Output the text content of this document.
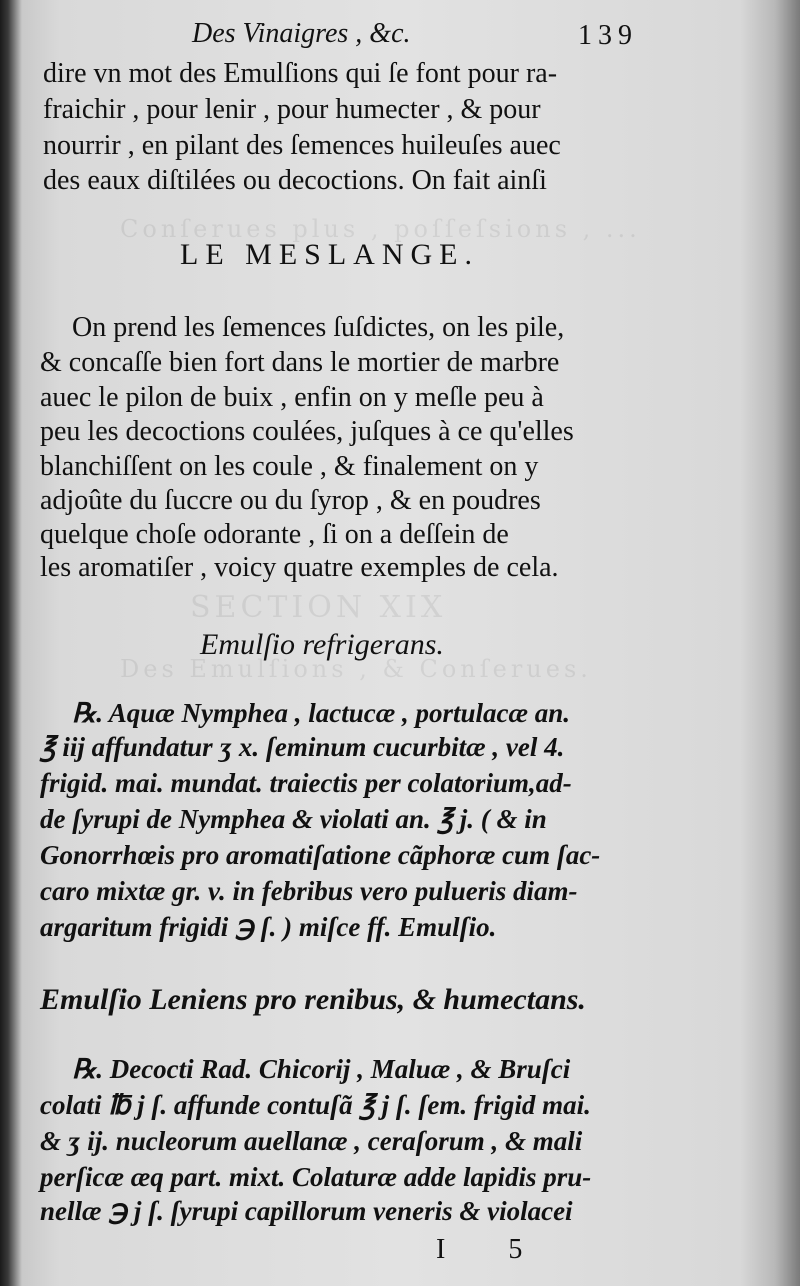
SECTION XIX
Des Emulſions , & Conſerues.
Conſerues plus , poſſeſsions , ...
Des Vinaigres , &c.	139
dire vn mot des Emulſions qui ſe font pour ra-
fraichir , pour lenir , pour humecter , & pour
nourrir , en pilant des ſemences huileuſes auec
des eaux diſtilées ou decoctions. On fait ainſi
LE MESLANGE.
On prend les ſemences ſuſdictes, on les pile,
& concaſſe bien fort dans le mortier de marbre
auec le pilon de buix , enfin on y meſle peu à
peu les decoctions coulées, juſques à ce qu'elles
blanchiſſent on les coule , & finalement on y
adjoûte du ſuccre ou du ſyrop , & en poudres
quelque choſe odorante , ſi on a deſſein de
les aromatiſer , voicy quatre exemples de cela.
Emulſio refrigerans.
℞. Aquæ Nymphea , lactucæ , portulacæ an.
℥ iij affundatur ʒ x. ſeminum cucurbitæ , vel 4.
frigid. mai. mundat. traiectis per colatorium,ad-
de ſyrupi de Nymphea & violati an. ℥ j. ( & in
Gonorrhœis pro aromatiſatione cãphoræ cum ſac-
caro mixtæ gr. v. in febribus vero pulueris diam-
argaritum frigidi ℈ ſ. ) miſce ff. Emulſio.
Emulſio Leniens pro renibus, & humectans.
℞. Decocti Rad. Chicorij , Maluæ , & Bruſci
colati ℔ j ſ. affunde contuſã ℥ j ſ. ſem. frigid mai.
& ʒ ij. nucleorum auellanæ , ceraſorum , & mali
perſicæ æq part. mixt. Colaturæ adde lapidis pru-
nellæ ℈ j ſ. ſyrupi capillorum veneris & violacei
I 5
